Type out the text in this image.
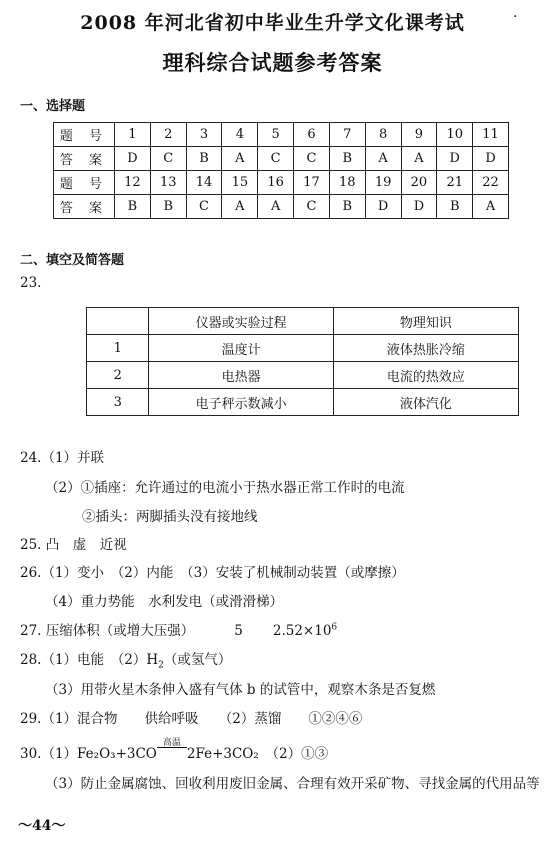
2008 年河北省初中毕业生升学文化课考试	·
理科综合试题参考答案
一、选择题
题 号	1	2	3	4	5	6	7	8	9	10	11
答 案	D	C	B	A	C	C	B	A	A	D	D
题 号	12	13	14	15	16	17	18	19	20	21	22
答 案	B	B	C	A	A	C	B	D	D	B	A
二、填空及简答题
23.
	仪器或实验过程	物理知识
1	温度计	液体热胀冷缩
2	电热器	电流的热效应
3	电子秤示数减小	液体汽化
24.（1）并联
（2）①插座：允许通过的电流小于热水器正常工作时的电流
②插头：两脚插头没有接地线
25. 凸　虚　近视
26.（1）变小　（2）内能　（3）安装了机械制动装置（或摩擦）
（4）重力势能　水利发电（或滑滑梯）
27. 压缩体积（或增大压强）	5 $2.52\times 10^6$
28.（1）电能　$(2)H_2$（或氢气）
（3）用带火星木条伸入盛有气体 b 的试管中，观察木条是否复燃
29.（1）混合物　　供给呼吸　　（2）蒸馏　　①②④⑥
30.（1）Fe₂O₃+3CO
高温
2Fe+3CO₂　（2）①③
（3）防止金属腐蚀、回收利用废旧金属、合理有效开采矿物、寻找金属的代用品等
～44～
